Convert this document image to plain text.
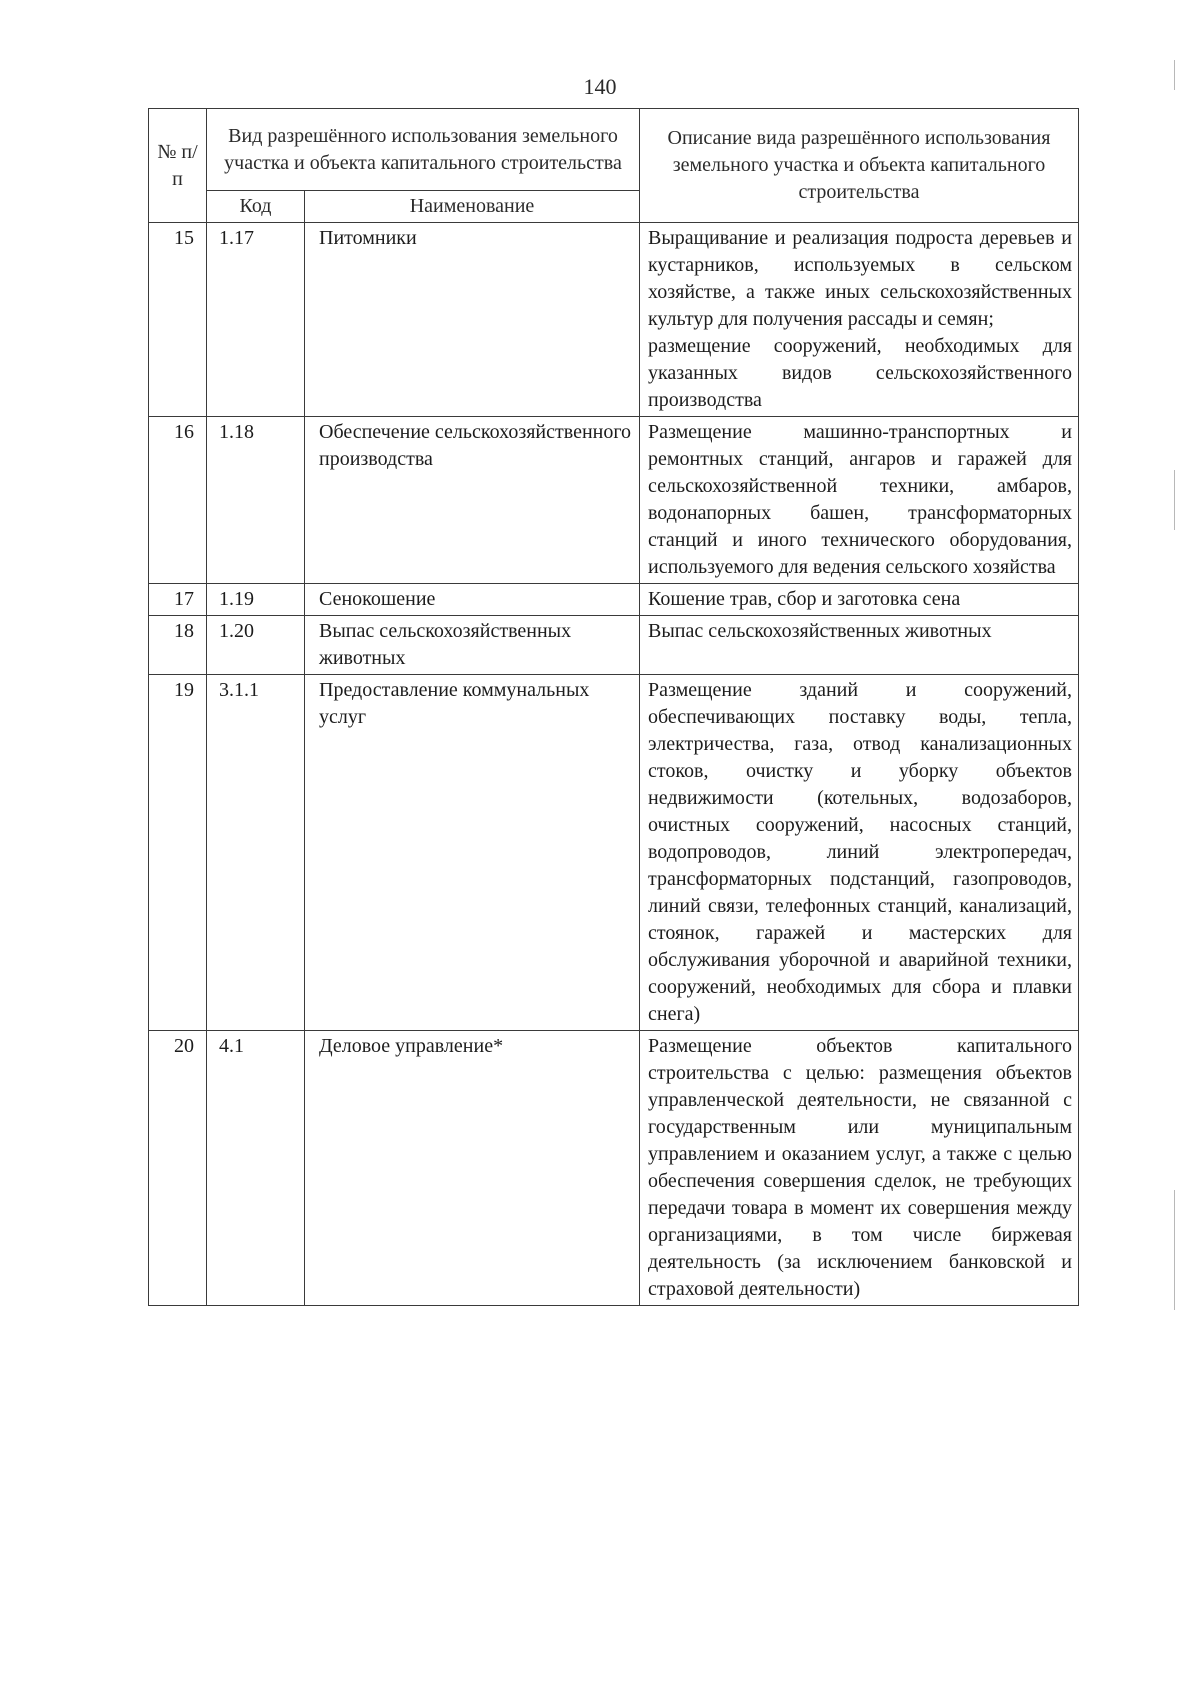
140
№ п/п	Вид разрешённого использования земельного участка и объекта капитального строительства		Описание вида разрешённого использования земельного участка и объекта капитального строительства
	Код	Наименование	
15	1.17	Питомники	Выращивание и реализация подроста деревьев и кустарников, используемых в сельском хозяйстве, а также иных сельскохозяйственных культур для получения рассады и семян;
размещение сооружений, необходимых для указанных видов сельскохозяйственного производства

16	1.18	Обеспечение сельскохозяйственного производства	Размещение машинно-транспортных и ремонтных станций, ангаров и гаражей для сельскохозяйственной техники, амбаров, водонапорных башен, трансформаторных станций и иного технического оборудования, используемого для ведения сельского хозяйства

17	1.19	Сенокошение	Кошение трав, сбор и заготовка сена

18	1.20	Выпас сельскохозяйственных животных	Выпас сельскохозяйственных животных

19	3.1.1	Предоставление коммунальных услуг	Размещение зданий и сооружений, обеспечивающих поставку воды, тепла, электричества, газа, отвод канализационных стоков, очистку и уборку объектов недвижимости (котельных, водозаборов, очистных сооружений, насосных станций, водопроводов, линий электропередач, трансформаторных подстанций, газопроводов, линий связи, телефонных станций, канализаций, стоянок, гаражей и мастерских для обслуживания уборочной и аварийной техники, сооружений, необходимых для сбора и плавки снега)

20	4.1	Деловое управление*	Размещение объектов капитального строительства с целью: размещения объектов управленческой деятельности, не связанной с государственным или муниципальным управлением и оказанием услуг, а также с целью обеспечения совершения сделок, не требующих передачи товара в момент их совершения между организациями, в том числе биржевая деятельность (за исключением банковской и страховой деятельности)
